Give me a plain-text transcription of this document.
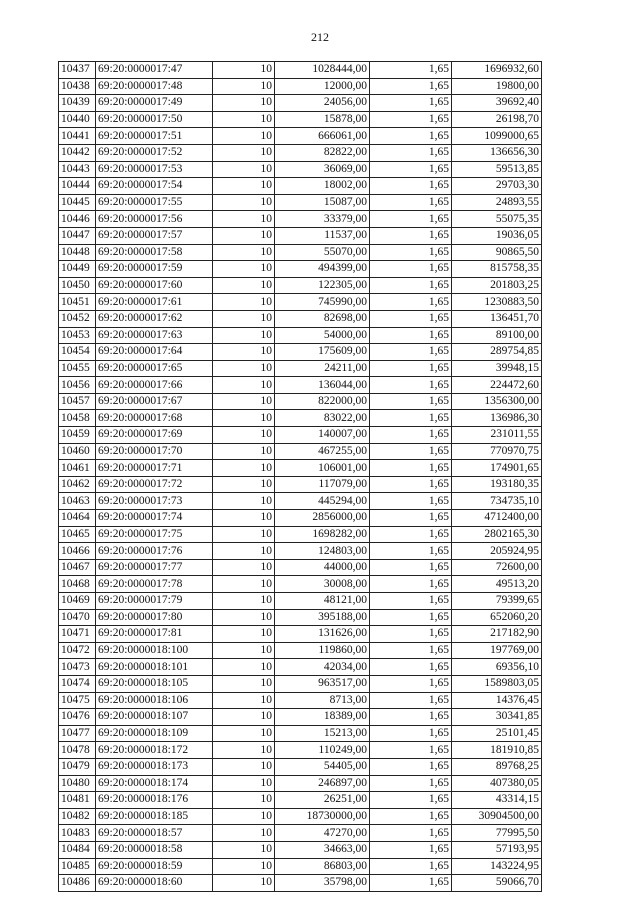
212
10437	69:20:0000017:47	10	1028444,00	1,65	1696932,60
10438	69:20:0000017:48	10	12000,00	1,65	19800,00
10439	69:20:0000017:49	10	24056,00	1,65	39692,40
10440	69:20:0000017:50	10	15878,00	1,65	26198,70
10441	69:20:0000017:51	10	666061,00	1,65	1099000,65
10442	69:20:0000017:52	10	82822,00	1,65	136656,30
10443	69:20:0000017:53	10	36069,00	1,65	59513,85
10444	69:20:0000017:54	10	18002,00	1,65	29703,30
10445	69:20:0000017:55	10	15087,00	1,65	24893,55
10446	69:20:0000017:56	10	33379,00	1,65	55075,35
10447	69:20:0000017:57	10	11537,00	1,65	19036,05
10448	69:20:0000017:58	10	55070,00	1,65	90865,50
10449	69:20:0000017:59	10	494399,00	1,65	815758,35
10450	69:20:0000017:60	10	122305,00	1,65	201803,25
10451	69:20:0000017:61	10	745990,00	1,65	1230883,50
10452	69:20:0000017:62	10	82698,00	1,65	136451,70
10453	69:20:0000017:63	10	54000,00	1,65	89100,00
10454	69:20:0000017:64	10	175609,00	1,65	289754,85
10455	69:20:0000017:65	10	24211,00	1,65	39948,15
10456	69:20:0000017:66	10	136044,00	1,65	224472,60
10457	69:20:0000017:67	10	822000,00	1,65	1356300,00
10458	69:20:0000017:68	10	83022,00	1,65	136986,30
10459	69:20:0000017:69	10	140007,00	1,65	231011,55
10460	69:20:0000017:70	10	467255,00	1,65	770970,75
10461	69:20:0000017:71	10	106001,00	1,65	174901,65
10462	69:20:0000017:72	10	117079,00	1,65	193180,35
10463	69:20:0000017:73	10	445294,00	1,65	734735,10
10464	69:20:0000017:74	10	2856000,00	1,65	4712400,00
10465	69:20:0000017:75	10	1698282,00	1,65	2802165,30
10466	69:20:0000017:76	10	124803,00	1,65	205924,95
10467	69:20:0000017:77	10	44000,00	1,65	72600,00
10468	69:20:0000017:78	10	30008,00	1,65	49513,20
10469	69:20:0000017:79	10	48121,00	1,65	79399,65
10470	69:20:0000017:80	10	395188,00	1,65	652060,20
10471	69:20:0000017:81	10	131626,00	1,65	217182,90
10472	69:20:0000018:100	10	119860,00	1,65	197769,00
10473	69:20:0000018:101	10	42034,00	1,65	69356,10
10474	69:20:0000018:105	10	963517,00	1,65	1589803,05
10475	69:20:0000018:106	10	8713,00	1,65	14376,45
10476	69:20:0000018:107	10	18389,00	1,65	30341,85
10477	69:20:0000018:109	10	15213,00	1,65	25101,45
10478	69:20:0000018:172	10	110249,00	1,65	181910,85
10479	69:20:0000018:173	10	54405,00	1,65	89768,25
10480	69:20:0000018:174	10	246897,00	1,65	407380,05
10481	69:20:0000018:176	10	26251,00	1,65	43314,15
10482	69:20:0000018:185	10	18730000,00	1,65	30904500,00
10483	69:20:0000018:57	10	47270,00	1,65	77995,50
10484	69:20:0000018:58	10	34663,00	1,65	57193,95
10485	69:20:0000018:59	10	86803,00	1,65	143224,95
10486	69:20:0000018:60	10	35798,00	1,65	59066,70
